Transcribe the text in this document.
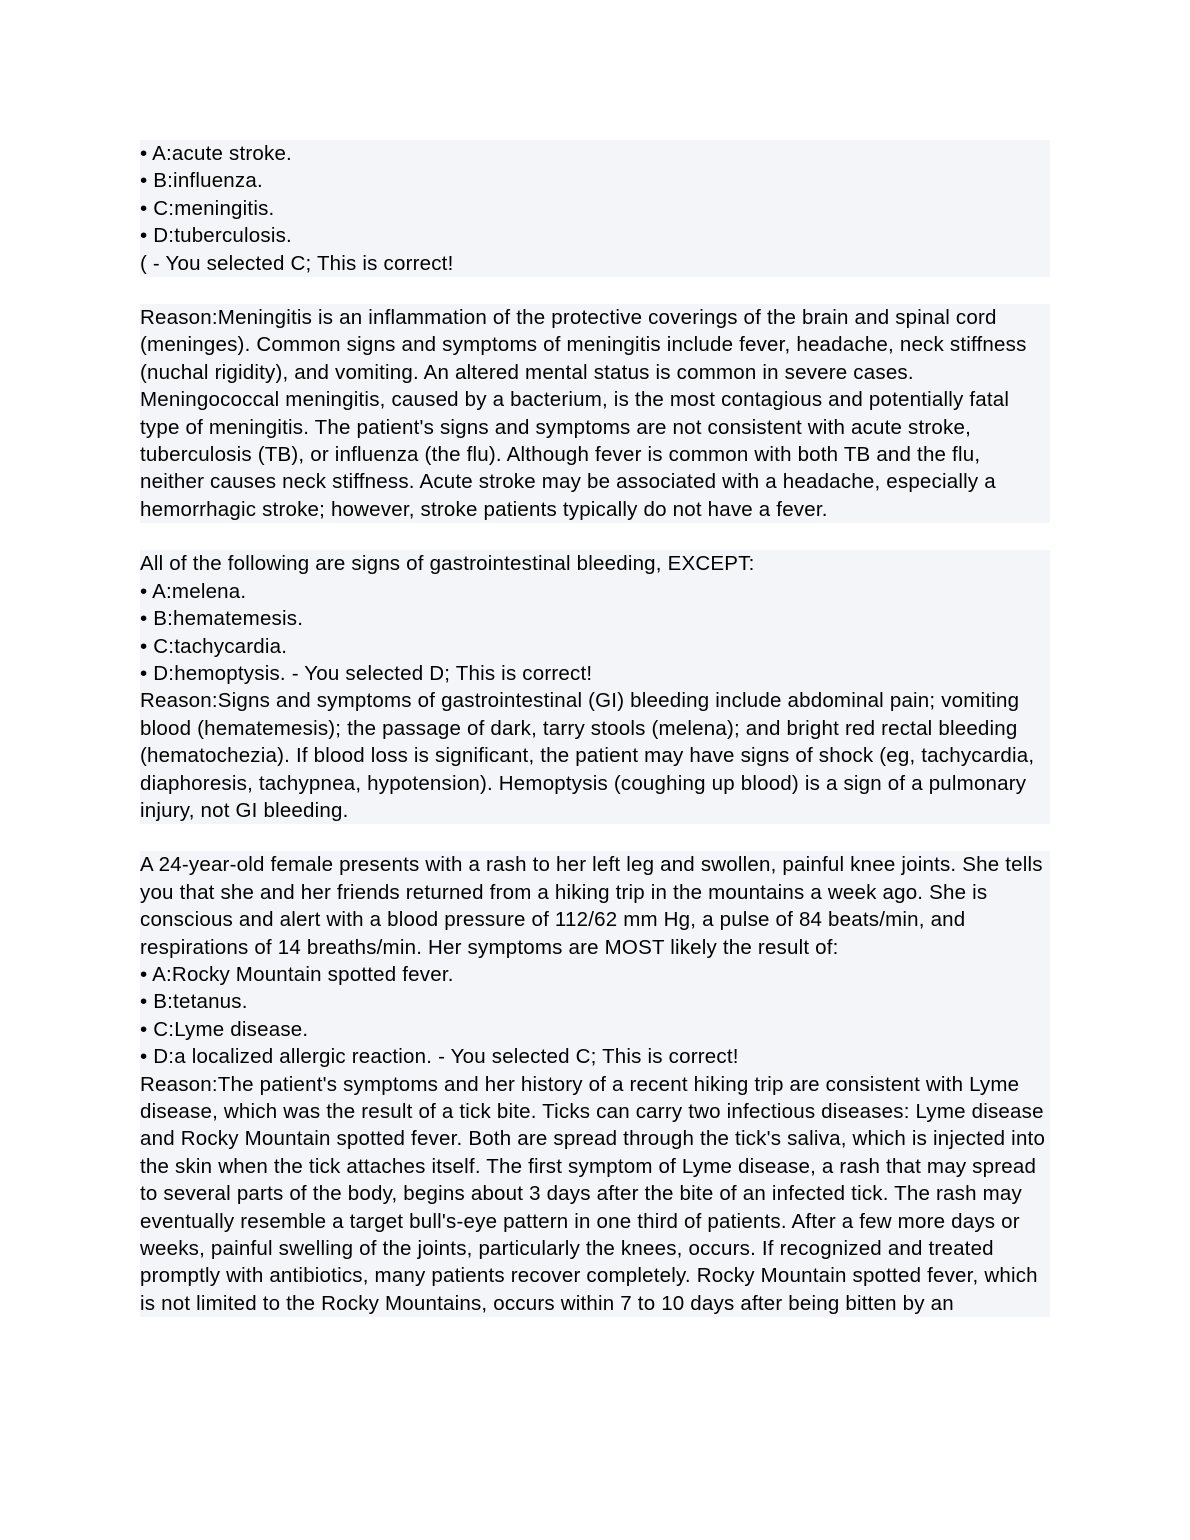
• A:acute stroke.
• B:influenza.
• C:meningitis.
• D:tuberculosis.
( - You selected C; This is correct!
Reason:Meningitis is an inflammation of the protective coverings of the brain and spinal cord (meninges). Common signs and symptoms of meningitis include fever, headache, neck stiffness (nuchal rigidity), and vomiting. An altered mental status is common in severe cases. Meningococcal meningitis, caused by a bacterium, is the most contagious and potentially fatal type of meningitis. The patient's signs and symptoms are not consistent with acute stroke, tuberculosis (TB), or influenza (the flu). Although fever is common with both TB and the flu, neither causes neck stiffness. Acute stroke may be associated with a headache, especially a hemorrhagic stroke; however, stroke patients typically do not have a fever.
All of the following are signs of gastrointestinal bleeding, EXCEPT:
• A:melena.
• B:hematemesis.
• C:tachycardia.
• D:hemoptysis. - You selected D; This is correct!
Reason:Signs and symptoms of gastrointestinal (GI) bleeding include abdominal pain; vomiting blood (hematemesis); the passage of dark, tarry stools (melena); and bright red rectal bleeding (hematochezia). If blood loss is significant, the patient may have signs of shock (eg, tachycardia, diaphoresis, tachypnea, hypotension). Hemoptysis (coughing up blood) is a sign of a pulmonary injury, not GI bleeding.
A 24-year-old female presents with a rash to her left leg and swollen, painful knee joints. She tells you that she and her friends returned from a hiking trip in the mountains a week ago. She is conscious and alert with a blood pressure of 112/62 mm Hg, a pulse of 84 beats/min, and respirations of 14 breaths/min. Her symptoms are MOST likely the result of:
• A:Rocky Mountain spotted fever.
• B:tetanus.
• C:Lyme disease.
• D:a localized allergic reaction. - You selected C; This is correct!
Reason:The patient's symptoms and her history of a recent hiking trip are consistent with Lyme disease, which was the result of a tick bite. Ticks can carry two infectious diseases: Lyme disease and Rocky Mountain spotted fever. Both are spread through the tick's saliva, which is injected into the skin when the tick attaches itself. The first symptom of Lyme disease, a rash that may spread to several parts of the body, begins about 3 days after the bite of an infected tick. The rash may eventually resemble a target bull's-eye pattern in one third of patients. After a few more days or weeks, painful swelling of the joints, particularly the knees, occurs. If recognized and treated promptly with antibiotics, many patients recover completely. Rocky Mountain spotted fever, which is not limited to the Rocky Mountains, occurs within 7 to 10 days after being bitten by an
